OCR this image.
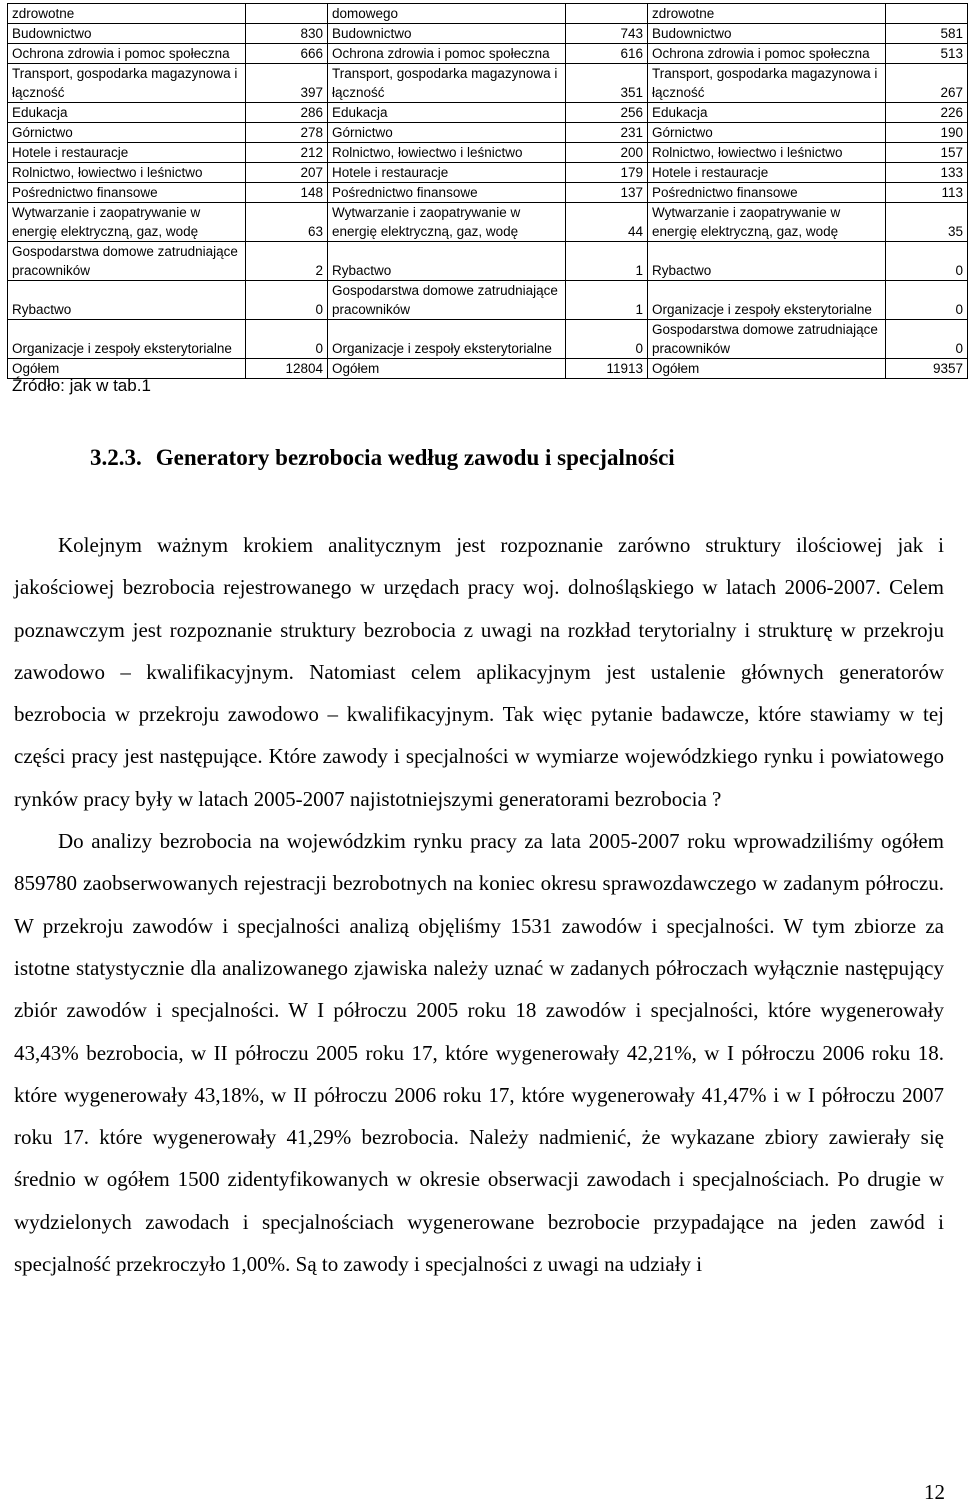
zdrowotne		domowego		zdrowotne	
Budownictwo	830	Budownictwo	743	Budownictwo	581
Ochrona zdrowia i pomoc społeczna	666	Ochrona zdrowia i pomoc społeczna	616	Ochrona zdrowia i pomoc społeczna	513
Transport, gospodarka magazynowa i łączność	397	Transport, gospodarka magazynowa i łączność	351	Transport, gospodarka magazynowa i łączność	267
Edukacja	286	Edukacja	256	Edukacja	226
Górnictwo	278	Górnictwo	231	Górnictwo	190
Hotele i restauracje	212	Rolnictwo, łowiectwo i leśnictwo	200	Rolnictwo, łowiectwo i leśnictwo	157
Rolnictwo, łowiectwo i leśnictwo	207	Hotele i restauracje	179	Hotele i restauracje	133
Pośrednictwo finansowe	148	Pośrednictwo finansowe	137	Pośrednictwo finansowe	113
Wytwarzanie i zaopatrywanie w energię elektryczną, gaz, wodę	63	Wytwarzanie i zaopatrywanie w energię elektryczną, gaz, wodę	44	Wytwarzanie i zaopatrywanie w energię elektryczną, gaz, wodę	35
Gospodarstwa domowe zatrudniające pracowników	2	Rybactwo	1	Rybactwo	0
Rybactwo	0	Gospodarstwa domowe zatrudniające pracowników	1	Organizacje i zespoły eksterytorialne	0
Organizacje i zespoły eksterytorialne	0	Organizacje i zespoły eksterytorialne	0	Gospodarstwa domowe zatrudniające pracowników	0
Ogółem	12804	Ogółem	11913	Ogółem	9357
Źródło: jak w tab.1
3.2.3. Generatory bezrobocia według zawodu i specjalności

Kolejnym ważnym krokiem analitycznym jest rozpoznanie zarówno struktury ilościowej jak i jakościowej bezrobocia rejestrowanego w urzędach pracy woj. dolnośląskiego w latach 2006-2007. Celem poznawczym jest rozpoznanie struktury bezrobocia z uwagi na rozkład terytorialny i strukturę w przekroju zawodowo – kwalifikacyjnym. Natomiast celem aplikacyjnym jest ustalenie głównych generatorów bezrobocia w przekroju zawodowo – kwalifikacyjnym. Tak więc pytanie badawcze, które stawiamy w tej części pracy jest następujące. Które zawody i specjalności w wymiarze wojewódzkiego rynku i powiatowego rynków pracy były w latach 2005-2007 najistotniejszymi generatorami bezrobocia ?

Do analizy bezrobocia na wojewódzkim rynku pracy za lata 2005-2007 roku wprowadziliśmy ogółem 859780 zaobserwowanych rejestracji bezrobotnych na koniec okresu sprawozdawczego w zadanym półroczu. W przekroju zawodów i specjalności analizą objęliśmy 1531 zawodów i specjalności. W tym zbiorze za istotne statystycznie dla analizowanego zjawiska należy uznać w zadanych półroczach wyłącznie następujący zbiór zawodów i specjalności. W I półroczu 2005 roku 18 zawodów i specjalności, które wygenerowały 43,43% bezrobocia, w II półroczu 2005 roku 17, które wygenerowały 42,21%, w I półroczu 2006 roku 18. które wygenerowały 43,18%, w II półroczu 2006 roku 17, które wygenerowały 41,47% i w I półroczu 2007 roku 17. które wygenerowały 41,29% bezrobocia. Należy nadmienić, że wykazane zbiory zawierały się średnio w ogółem 1500 zidentyfikowanych w okresie obserwacji zawodach i specjalnościach. Po drugie w wydzielonych zawodach i specjalnościach wygenerowane bezrobocie przypadające na jeden zawód i specjalność przekroczyło 1,00%. Są to zawody i specjalności z uwagi na udziały i

12
